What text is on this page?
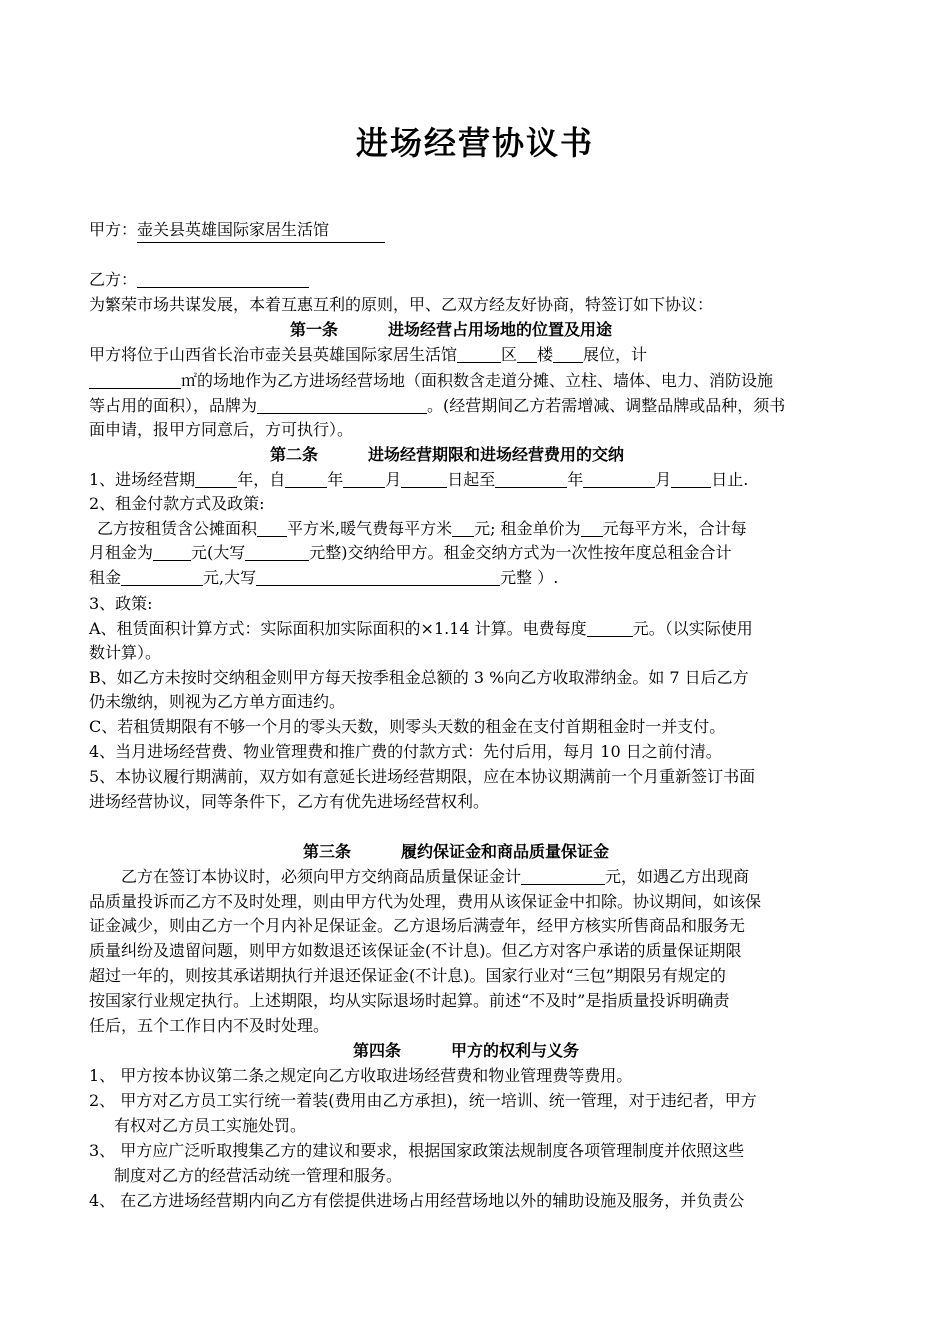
进场经营协议书
甲方：壶关县英雄国际家居生活馆
乙方：
为繁荣市场共谋发展，本着互惠互利的原则，甲、乙双方经友好协商，特签订如下协议：
第一条	进场经营占用场地的位置及用途
甲方将位于山西省长治市壶关县英雄国际家居生活馆	区 楼 展位，计
㎡的场地作为乙方进场经营场地（面积数含走道分摊、立柱、墙体、电力、消防设施
等占用的面积），品牌为	。(经营期间乙方若需增减、调整品牌或品种，须书
面申请，报甲方同意后，方可执行）。
第二条	进场经营期限和进场经营费用的交纳
1、进场经营期	年，自	年	月	日起至	年	月	日止.
2、租金付款方式及政策:
乙方按租赁含公摊面积 平方米,暖气费每平方米 元; 租金单价为 元每平方米，合计每
月租金为 元(大写	元整)交纳给甲方。租金交纳方式为一次性按年度总租金合计
租金	元,大写	元整 ）.
3、政策:
A、租赁面积计算方式：实际面积加实际面积的×1.14 计算。电费每度	元。（以实际使用
数计算）。
B、如乙方未按时交纳租金则甲方每天按季租金总额的 3 %向乙方收取滞纳金。如 7 日后乙方
仍未缴纳，则视为乙方单方面违约。
C、若租赁期限有不够一个月的零头天数，则零头天数的租金在支付首期租金时一并支付。
4、当月进场经营费、物业管理费和推广费的付款方式：先付后用，每月 10 日之前付清。
5、本协议履行期满前，双方如有意延长进场经营期限，应在本协议期满前一个月重新签订书面
进场经营协议，同等条件下，乙方有优先进场经营权利。
第三条	履约保证金和商品质量保证金
乙方在签订本协议时，必须向甲方交纳商品质量保证金计	元，如遇乙方出现商
品质量投诉而乙方不及时处理，则由甲方代为处理，费用从该保证金中扣除。协议期间，如该保
证金减少，则由乙方一个月内补足保证金。乙方退场后满壹年，经甲方核实所售商品和服务无
质量纠纷及遗留问题，则甲方如数退还该保证金(不计息)。但乙方对客户承诺的质量保证期限
超过一年的，则按其承诺期执行并退还保证金(不计息)。国家行业对“三包”期限另有规定的
按国家行业规定执行。上述期限，均从实际退场时起算。前述“不及时”是指质量投诉明确责
任后，五个工作日内不及时处理。
第四条	甲方的权利与义务
1、 甲方按本协议第二条之规定向乙方收取进场经营费和物业管理费等费用。
2、 甲方对乙方员工实行统一着装(费用由乙方承担)，统一培训、统一管理，对于违纪者，甲方
有权对乙方员工实施处罚。
3、 甲方应广泛听取搜集乙方的建议和要求，根据国家政策法规制度各项管理制度并依照这些
制度对乙方的经营活动统一管理和服务。
4、 在乙方进场经营期内向乙方有偿提供进场占用经营场地以外的辅助设施及服务，并负责公
